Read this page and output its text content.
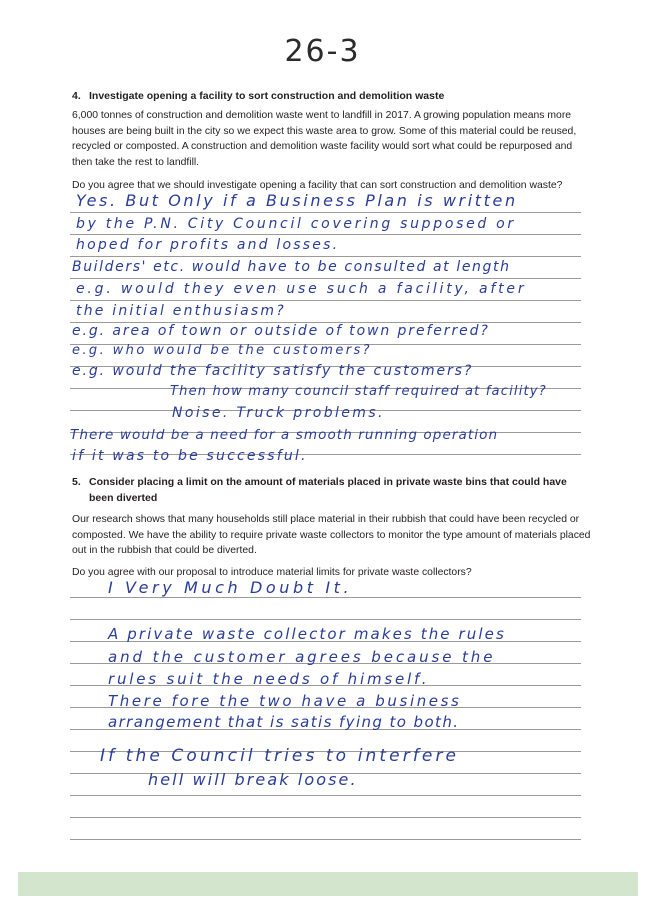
26-3
4. Investigate opening a facility to sort construction and demolition waste
6,000 tonnes of construction and demolition waste went to landfill in 2017. A growing population means more houses are being built in the city so we expect this waste area to grow. Some of this material could be reused, recycled or composted. A construction and demolition waste facility would sort what could be repurposed and then take the rest to landfill.
Do you agree that we should investigate opening a facility that can sort construction and demolition waste?
Yes. But Only if a Business Plan is written
by the P.N. City Council covering supposed or
hoped for profits and losses.
Builders' etc. would have to be consulted at length
e.g. would they even use such a facility, after
the initial enthusiasm?
e.g. area of town or outside of town preferred?
e.g. who would be the customers?
e.g. would the facility satisfy the customers?
Then how many council staff required at facility?
Noise. Truck problems.
There would be a need for a smooth running operation
if it was to be successful.
5. Consider placing a limit on the amount of materials placed in private waste bins that could have
been diverted
Our research shows that many households still place material in their rubbish that could have been recycled or composted. We have the ability to require private waste collectors to monitor the type amount of materials placed out in the rubbish that could be diverted.
Do you agree with our proposal to introduce material limits for private waste collectors?
I Very Much Doubt It.
A private waste collector makes the rules
and the customer agrees because the
rules suit the needs of himself.
There fore the two have a business
arrangement that is satis fying to both.
If the Council tries to interfere
hell will break loose.
